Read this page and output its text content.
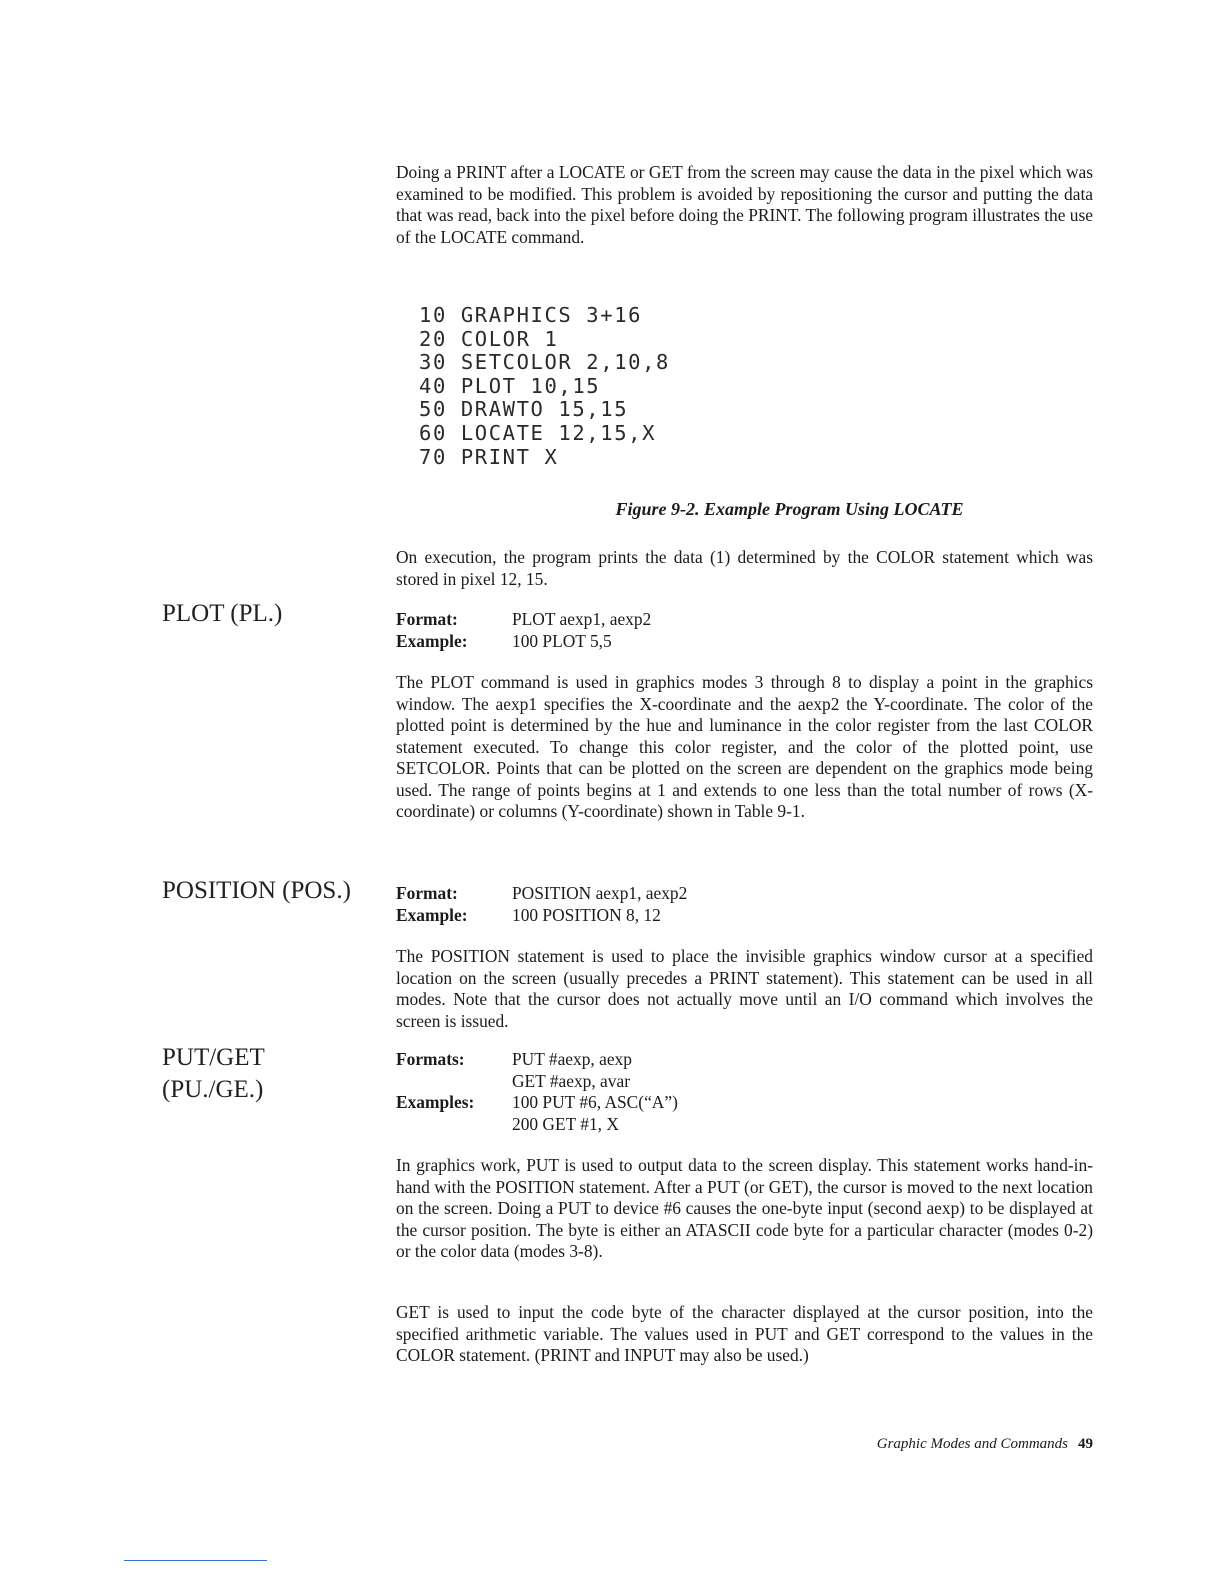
Doing a PRINT after a LOCATE or GET from the screen may cause the data in the pixel which was examined to be modified. This problem is avoided by repositioning the cursor and putting the data that was read, back into the pixel before doing the PRINT. The following program illustrates the use of the LOCATE command.

10 GRAPHICS 3+16
20 COLOR 1
30 SETCOLOR 2,10,8
40 PLOT 10,15
50 DRAWTO 15,15
60 LOCATE 12,15,X
70 PRINT X
Figure 9-2. Example Program Using LOCATE

On execution, the program prints the data (1) determined by the COLOR statement which was stored in pixel 12, 15.

PLOT (PL.)	Format:	PLOT aexp1, aexp2
Example:	100 PLOT 5,5

The PLOT command is used in graphics modes 3 through 8 to display a point in the graphics window. The aexp1 specifies the X-coordinate and the aexp2 the Y-coordinate. The color of the plotted point is determined by the hue and luminance in the color register from the last COLOR statement executed. To change this color register, and the color of the plotted point, use SETCOLOR. Points that can be plotted on the screen are dependent on the graphics mode being used. The range of points begins at 1 and extends to one less than the total number of rows (X-coordinate) or columns (Y-coordinate) shown in Table 9-1.

POSITION (POS.)	Format:	POSITION aexp1, aexp2
Example:	100 POSITION 8, 12

The POSITION statement is used to place the invisible graphics window cursor at a specified location on the screen (usually precedes a PRINT statement). This statement can be used in all modes. Note that the cursor does not actually move until an I/O command which involves the screen is issued.

PUT/GET
(PU./GE.)
Formats:	PUT #aexp, aexp
GET #aexp, avar
Examples:	100 PUT #6, ASC(“A”)
200 GET #1, X

In graphics work, PUT is used to output data to the screen display. This statement works hand-in-hand with the POSITION statement. After a PUT (or GET), the cursor is moved to the next location on the screen. Doing a PUT to device #6 causes the one-byte input (second aexp) to be displayed at the cursor position. The byte is either an ATASCII code byte for a particular character (modes 0-2) or the color data (modes 3-8).

GET is used to input the code byte of the character displayed at the cursor position, into the specified arithmetic variable. The values used in PUT and GET correspond to the values in the COLOR statement. (PRINT and INPUT may also be used.)

Graphic Modes and Commands 49
